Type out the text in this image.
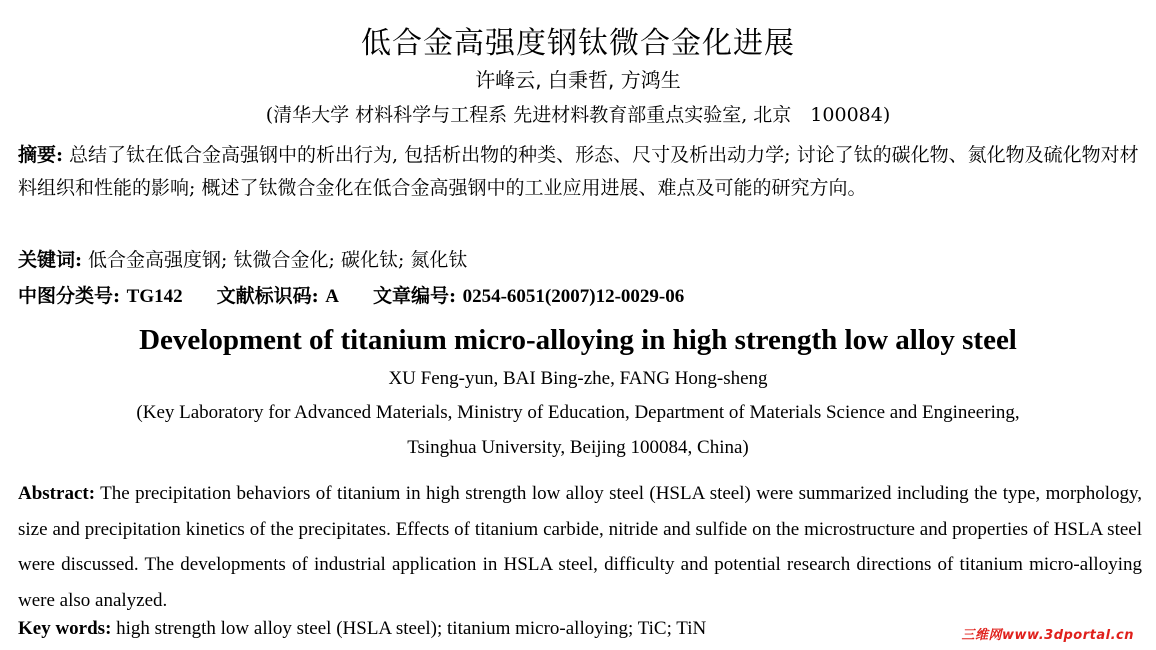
低合金高强度钢钛微合金化进展
许峰云, 白秉哲, 方鸿生
(清华大学 材料科学与工程系 先进材料教育部重点实验室, 北京　100084)
摘要: 总结了钛在低合金高强钢中的析出行为, 包括析出物的种类、形态、尺寸及析出动力学; 讨论了钛的碳化物、氮化物及硫化物对材料组织和性能的影响; 概述了钛微合金化在低合金高强钢中的工业应用进展、难点及可能的研究方向。
关键词: 低合金高强度钢; 钛微合金化; 碳化钛; 氮化钛
中图分类号: TG142 文献标识码: A 文章编号: 0254-6051(2007)12-0029-06
Development of titanium micro-alloying in high strength low alloy steel
XU Feng-yun, BAI Bing-zhe, FANG Hong-sheng
(Key Laboratory for Advanced Materials, Ministry of Education, Department of Materials Science and Engineering,
Tsinghua University, Beijing 100084, China)
Abstract: The precipitation behaviors of titanium in high strength low alloy steel (HSLA steel) were summarized including the type, morphology, size and precipitation kinetics of the precipitates. Effects of titanium carbide, nitride and sulfide on the microstructure and properties of HSLA steel were discussed. The developments of industrial application in HSLA steel, difficulty and potential research directions of titanium micro-alloying were also analyzed.
Key words: high strength low alloy steel (HSLA steel); titanium micro-alloying; TiC; TiN	三维网www.3dportal.cn
